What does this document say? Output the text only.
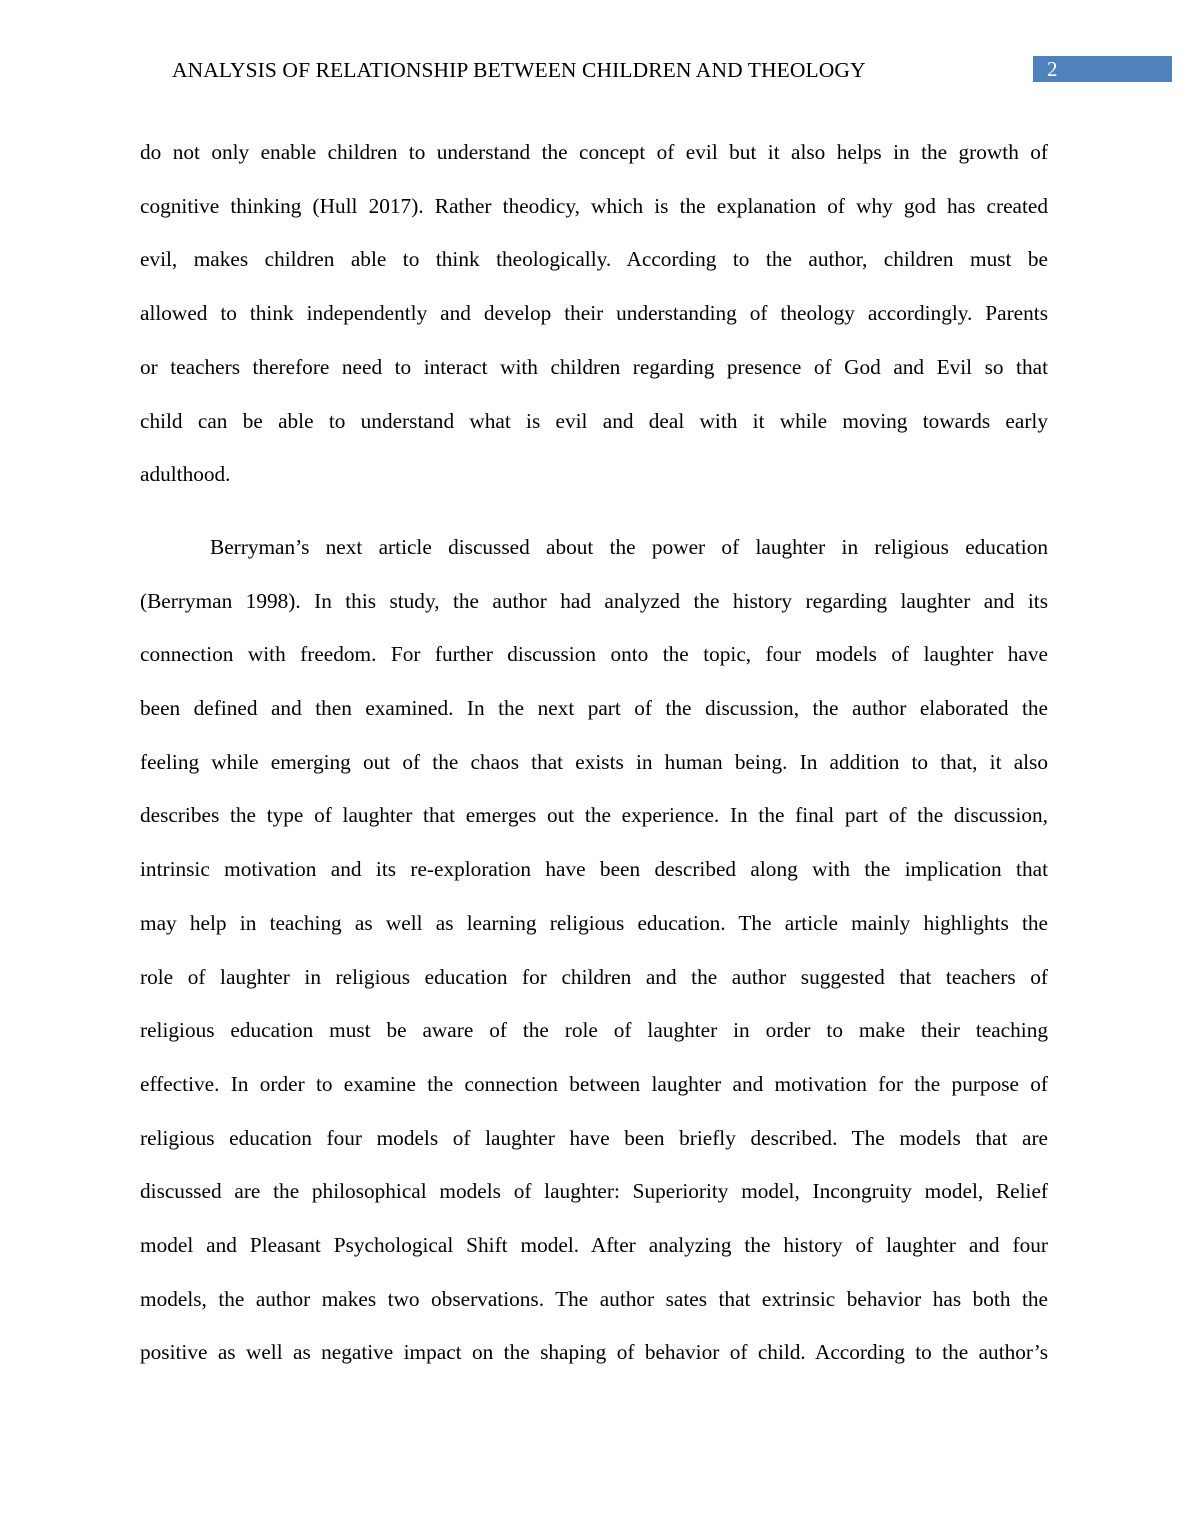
ANALYSIS OF RELATIONSHIP BETWEEN CHILDREN AND THEOLOGY	2

do not only enable children to understand the concept of evil but it also helps in the growth of
cognitive thinking (Hull 2017). Rather theodicy, which is the explanation of why god has created
evil, makes children able to think theologically. According to the author, children must be
allowed to think independently and develop their understanding of theology accordingly. Parents
or teachers therefore need to interact with children regarding presence of God and Evil so that
child can be able to understand what is evil and deal with it while moving towards early
adulthood.

Berryman’s next article discussed about the power of laughter in religious education
(Berryman 1998). In this study, the author had analyzed the history regarding laughter and its
connection with freedom. For further discussion onto the topic, four models of laughter have
been defined and then examined. In the next part of the discussion, the author elaborated the
feeling while emerging out of the chaos that exists in human being. In addition to that, it also
describes the type of laughter that emerges out the experience. In the final part of the discussion,
intrinsic motivation and its re-exploration have been described along with the implication that
may help in teaching as well as learning religious education. The article mainly highlights the
role of laughter in religious education for children and the author suggested that teachers of
religious education must be aware of the role of laughter in order to make their teaching
effective. In order to examine the connection between laughter and motivation for the purpose of
religious education four models of laughter have been briefly described. The models that are
discussed are the philosophical models of laughter: Superiority model, Incongruity model, Relief
model and Pleasant Psychological Shift model. After analyzing the history of laughter and four
models, the author makes two observations. The author sates that extrinsic behavior has both the
positive as well as negative impact on the shaping of behavior of child. According to the author’s
